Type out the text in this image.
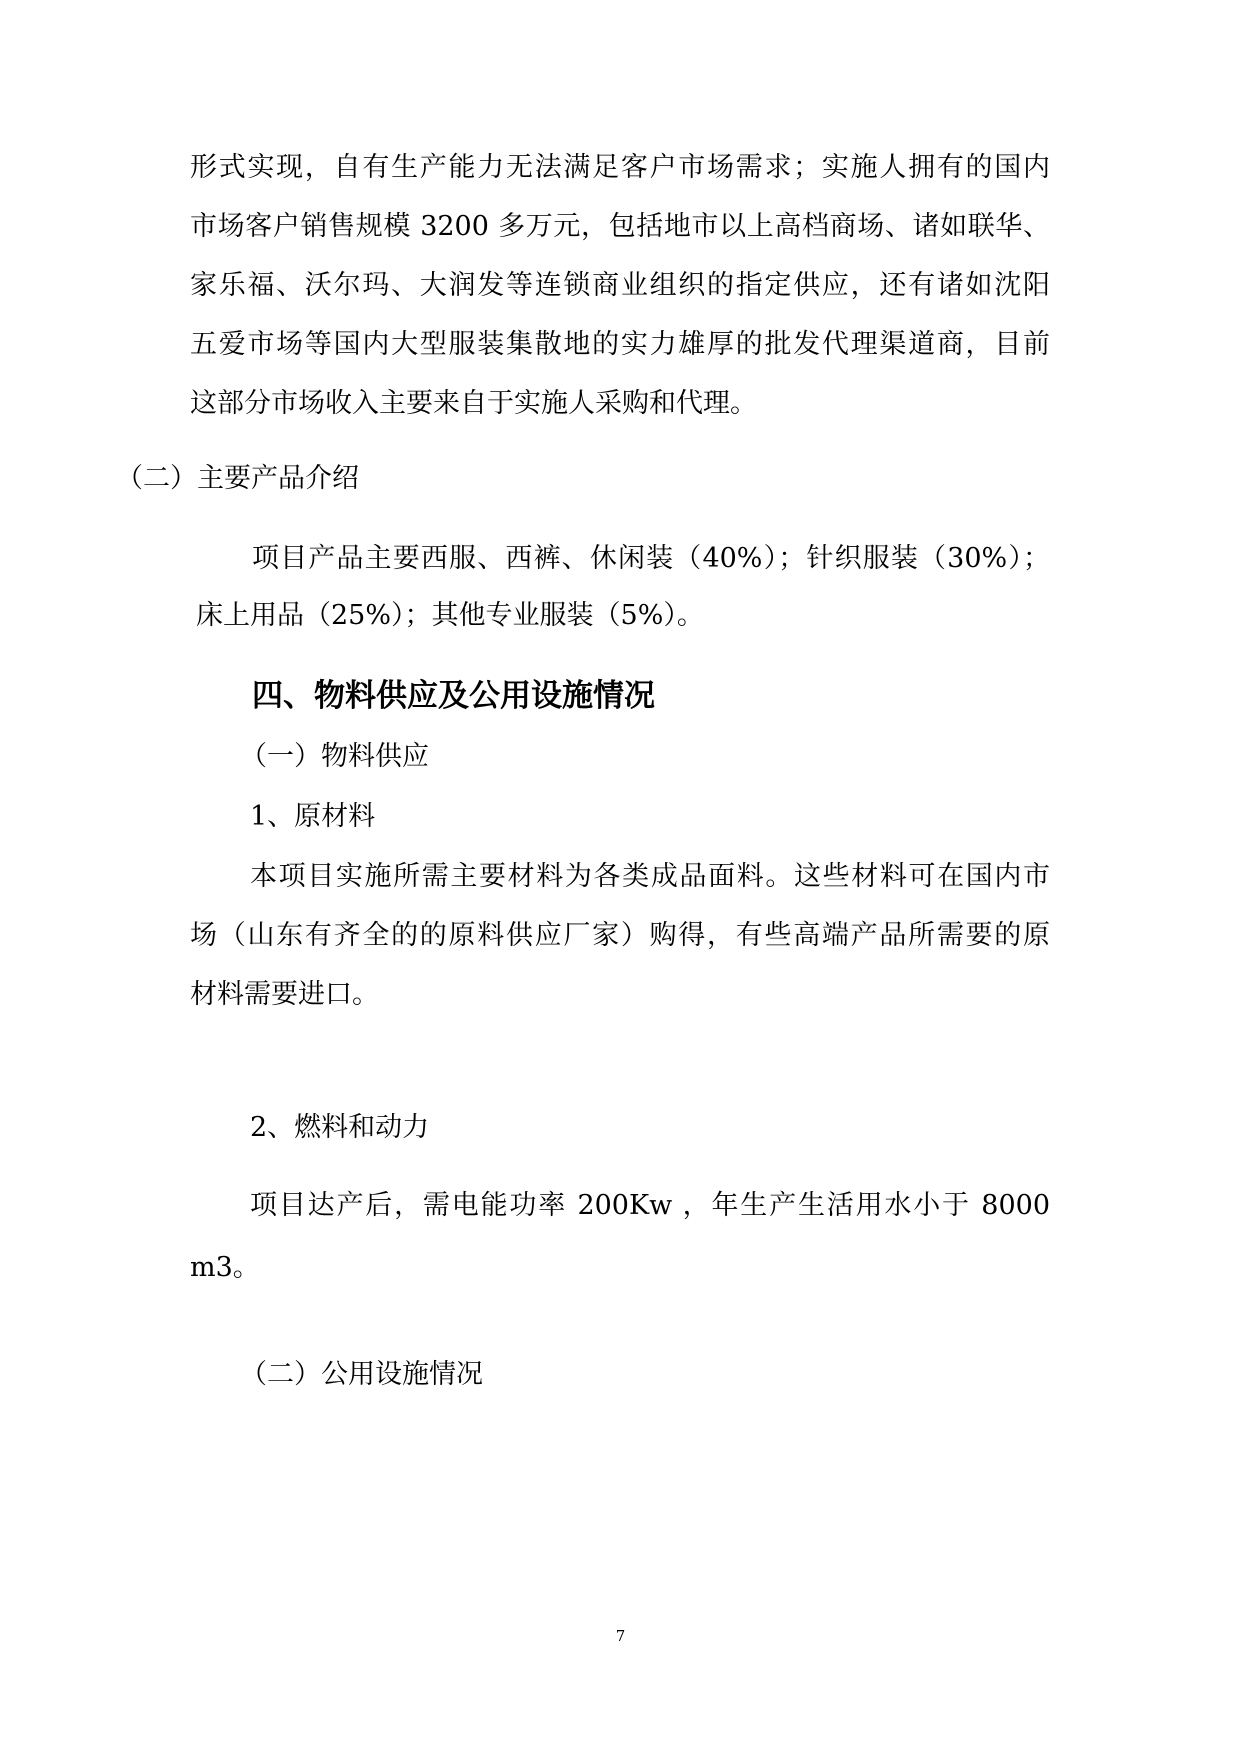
形式实现，自有生产能力无法满足客户市场需求；实施人拥有的国内
市场客户销售规模 3200 多万元，包括地市以上高档商场、诸如联华、
家乐福、沃尔玛、大润发等连锁商业组织的指定供应，还有诸如沈阳
五爱市场等国内大型服装集散地的实力雄厚的批发代理渠道商，目前
这部分市场收入主要来自于实施人采购和代理。
（二）主要产品介绍
项目产品主要西服、西裤、休闲装（40%）；针织服装（30%）；
床上用品（25%）；其他专业服装（5%）。
四、物料供应及公用设施情况
（一）物料供应
1、原材料
本项目实施所需主要材料为各类成品面料。这些材料可在国内市
场（山东有齐全的的原料供应厂家）购得，有些高端产品所需要的原
材料需要进口。
2、燃料和动力
项目达产后，需电能功率 200Kw ，年生产生活用水小于 8000
m3。
（二）公用设施情况
7
